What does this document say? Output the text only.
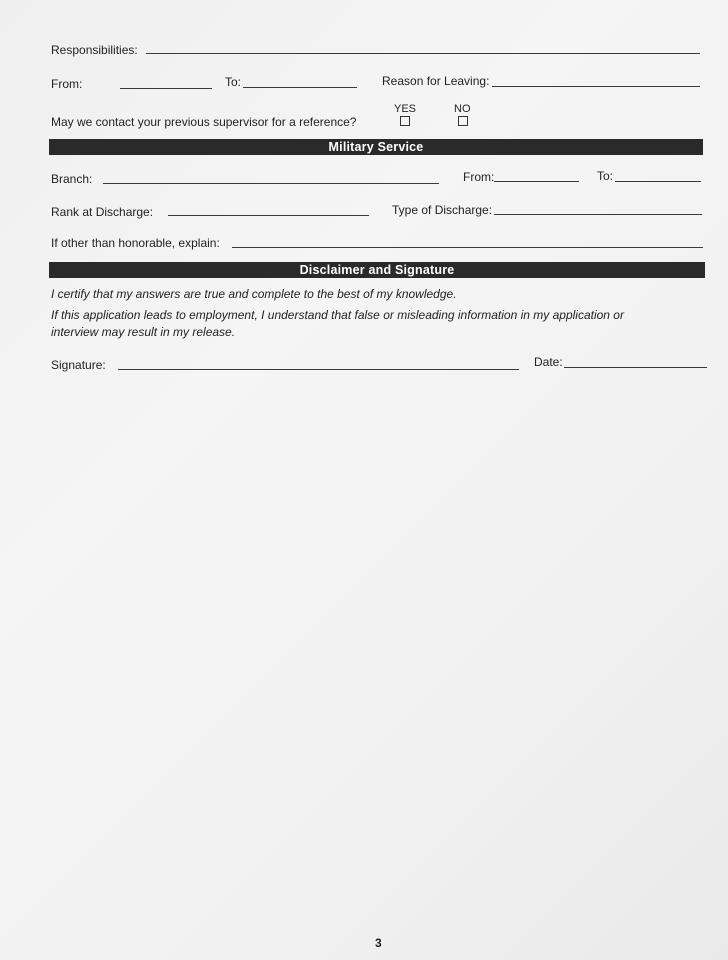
Responsibilities:
From:	To:	Reason for Leaving:
YES	NO
May we contact your previous supervisor for a reference?
Military Service
Branch:	From:	To:
Rank at Discharge:	Type of Discharge:
If other than honorable, explain:
Disclaimer and Signature
I certify that my answers are true and complete to the best of my knowledge.
If this application leads to employment, I understand that false or misleading information in my application or
interview may result in my release.
Signature:	Date:
3
